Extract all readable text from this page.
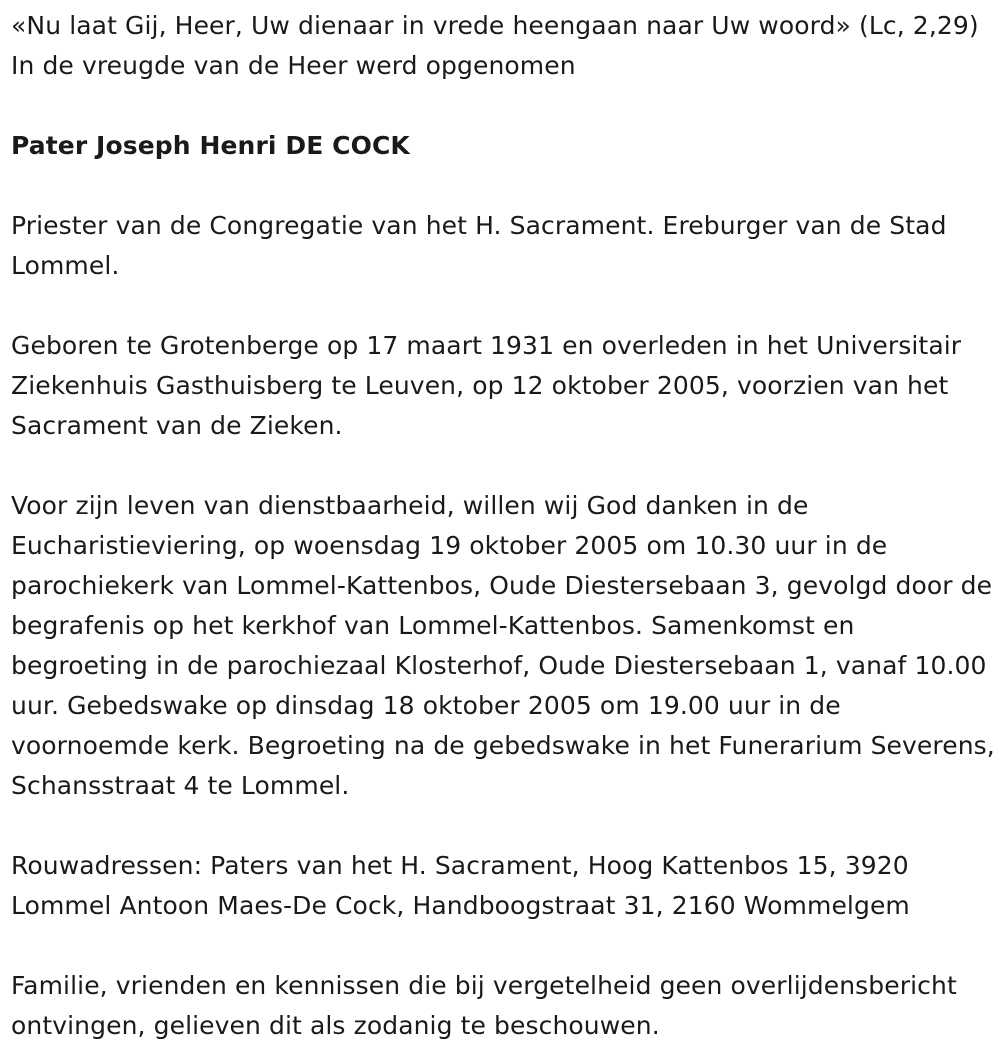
«Nu laat Gij, Heer, Uw dienaar in vrede heengaan naar Uw woord» (Lc, 2,29) In de vreugde van de Heer werd opgenomen

Pater Joseph Henri DE COCK

Priester van de Congregatie van het H. Sacrament. Ereburger van de Stad Lommel.

Geboren te Grotenberge op 17 maart 1931 en overleden in het Universitair Ziekenhuis Gasthuisberg te Leuven, op 12 oktober 2005, voorzien van het Sacrament van de Zieken.

Voor zijn leven van dienstbaarheid, willen wij God danken in de Eucharistieviering, op woensdag 19 oktober 2005 om 10.30 uur in de parochiekerk van Lommel-Kattenbos, Oude Diestersebaan 3, gevolgd door de begrafenis op het kerkhof van Lommel-Kattenbos. Samenkomst en begroeting in de parochiezaal Klosterhof, Oude Diestersebaan 1, vanaf 10.00 uur. Gebedswake op dinsdag 18 oktober 2005 om 19.00 uur in de voornoemde kerk. Begroeting na de gebedswake in het Funerarium Severens, Schansstraat 4 te Lommel.

Rouwadressen: Paters van het H. Sacrament, Hoog Kattenbos 15, 3920 Lommel Antoon Maes-De Cock, Handboogstraat 31, 2160 Wommelgem

Familie, vrienden en kennissen die bij vergetelheid geen overlijdensbericht ontvingen, gelieven dit als zodanig te beschouwen.
